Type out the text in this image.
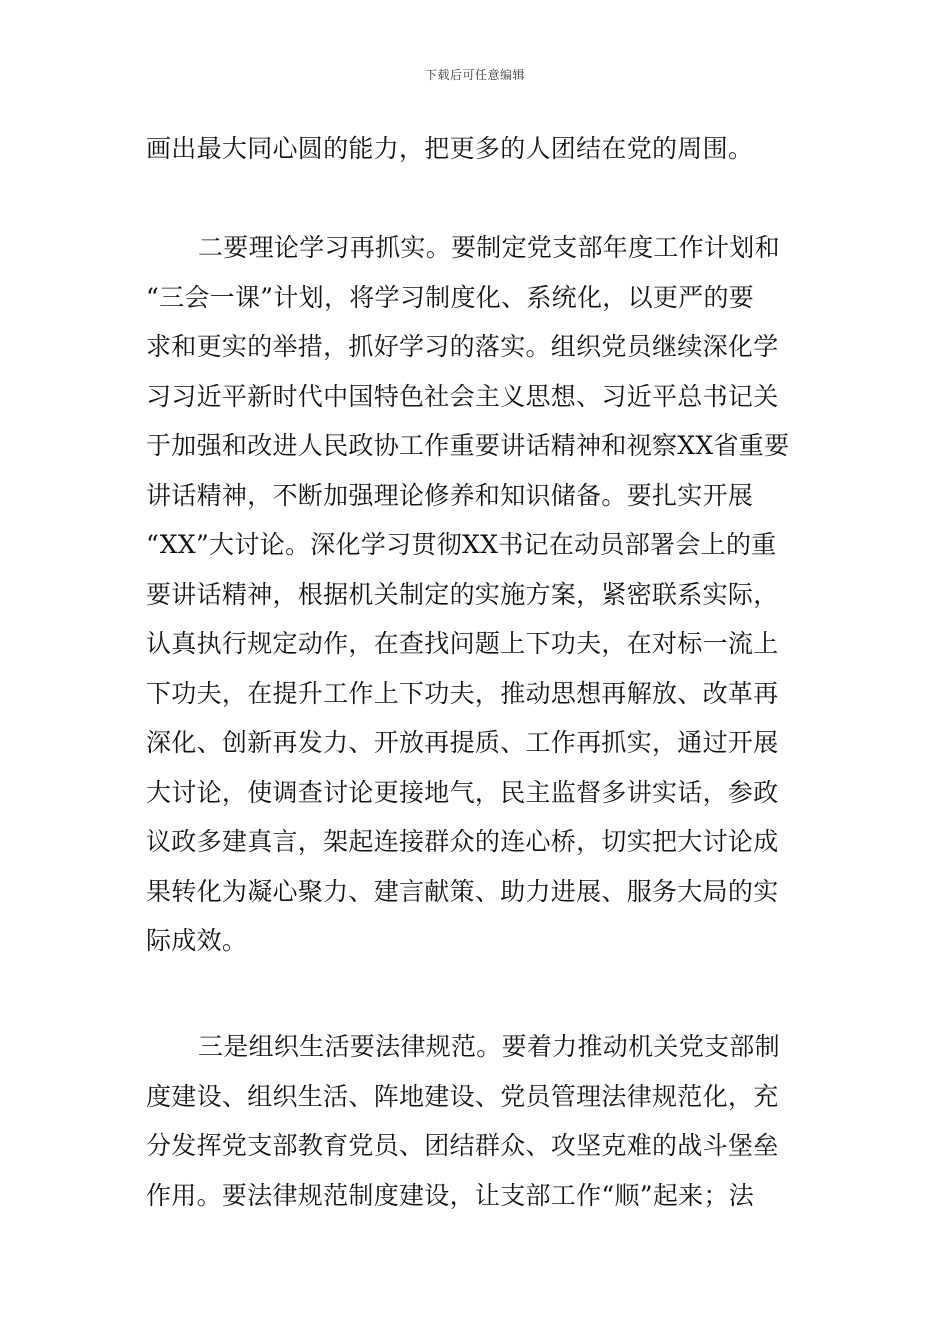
下载后可任意编辑
画出最大同心圆的能力，把更多的人团结在党的周围。
二要理论学习再抓实。要制定党支部年度工作计划和
“三会一课”计划，将学习制度化、系统化，以更严的要
求和更实的举措，抓好学习的落实。组织党员继续深化学
习习近平新时代中国特色社会主义思想、习近平总书记关
于加强和改进人民政协工作重要讲话精神和视察XX省重要
讲话精神，不断加强理论修养和知识储备。要扎实开展
“XX”大讨论。深化学习贯彻XX书记在动员部署会上的重
要讲话精神，根据机关制定的实施方案，紧密联系实际，
认真执行规定动作，在查找问题上下功夫，在对标一流上
下功夫，在提升工作上下功夫，推动思想再解放、改革再
深化、创新再发力、开放再提质、工作再抓实，通过开展
大讨论，使调查讨论更接地气，民主监督多讲实话，参政
议政多建真言，架起连接群众的连心桥，切实把大讨论成
果转化为凝心聚力、建言献策、助力进展、服务大局的实
际成效。
三是组织生活要法律规范。要着力推动机关党支部制
度建设、组织生活、阵地建设、党员管理法律规范化，充
分发挥党支部教育党员、团结群众、攻坚克难的战斗堡垒
作用。要法律规范制度建设，让支部工作“顺”起来；法
